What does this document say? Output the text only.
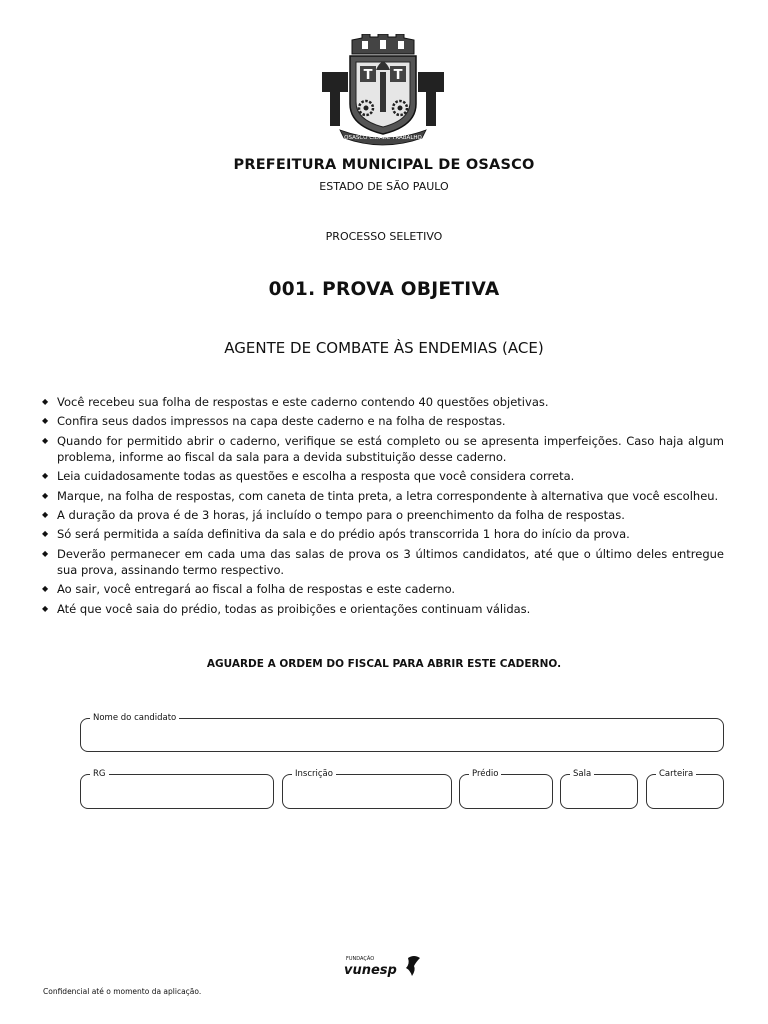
T T
OSASCO CIDADE TRABALHO
PREFEITURA MUNICIPAL DE OSASCO
ESTADO DE SÃO PAULO
PROCESSO SELETIVO
001. PROVA OBJETIVA
AGENTE DE COMBATE ÀS ENDEMIAS (ACE)
◆ Você recebeu sua folha de respostas e este caderno contendo 40 questões objetivas.
◆ Confira seus dados impressos na capa deste caderno e na folha de respostas.
◆ Quando for permitido abrir o caderno, verifique se está completo ou se apresenta imperfeições. Caso haja algum problema, informe ao fiscal da sala para a devida substituição desse caderno.
◆ Leia cuidadosamente todas as questões e escolha a resposta que você considera correta.
◆ Marque, na folha de respostas, com caneta de tinta preta, a letra correspondente à alternativa que você escolheu.
◆ A duração da prova é de 3 horas, já incluído o tempo para o preenchimento da folha de respostas.
◆ Só será permitida a saída definitiva da sala e do prédio após transcorrida 1 hora do início da prova.
◆ Deverão permanecer em cada uma das salas de prova os 3 últimos candidatos, até que o último deles entregue sua prova, assinando termo respectivo.
◆ Ao sair, você entregará ao fiscal a folha de respostas e este caderno.
◆ Até que você saia do prédio, todas as proibições e orientações continuam válidas.
AGUARDE A ORDEM DO FISCAL PARA ABRIR ESTE CADERNO.
Nome do candidato
RG	Inscrição	Prédio	Sala	Carteira
FUNDAÇÃO
vunesp
Confidencial até o momento da aplicação.
